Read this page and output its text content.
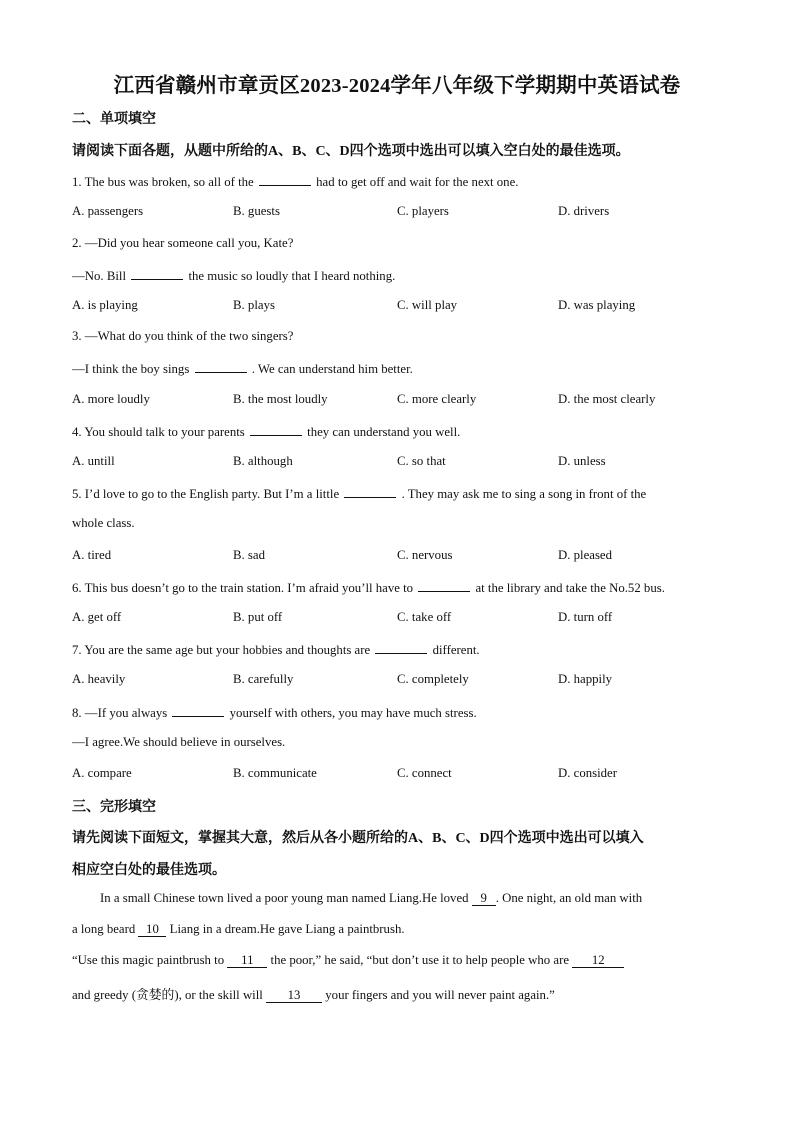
江西省赣州市章贡区2023-2024学年八年级下学期期中英语试卷
二、单项填空
请阅读下面各题，从题中所给的A、B、C、D四个选项中选出可以填入空白处的最佳选项。
1. The bus was broken, so all of the	had to get off and wait for the next one.
A. passengers	B. guests	C. players	D. drivers
2. —Did you hear someone call you, Kate?
—No. Bill	the music so loudly that I heard nothing.
A. is playing	B. plays	C. will play	D. was playing
3. —What do you think of the two singers?
—I think the boy sings	. We can understand him better.
A. more loudly	B. the most loudly	C. more clearly	D. the most clearly
4. You should talk to your parents	they can understand you well.
A. untill	B. although	C. so that	D. unless
5. I’d love to go to the English party. But I’m a little	. They may ask me to sing a song in front of the
whole class.
A. tired	B. sad	C. nervous	D. pleased
6. This bus doesn’t go to the train station. I’m afraid you’ll have to	at the library and take the No.52 bus.
A. get off	B. put off	C. take off	D. turn off
7. You are the same age but your hobbies and thoughts are	different.
A. heavily	B. carefully	C. completely	D. happily
8. —If you always	yourself with others, you may have much stress.
—I agree.We should believe in ourselves.
A. compare	B. communicate	C. connect	D. consider
三、完形填空
请先阅读下面短文，掌握其大意，然后从各小题所给的A、B、C、D四个选项中选出可以填入
相应空白处的最佳选项。
In a small Chinese town lived a poor young man named Liang.He loved 9 . One night, an old man with
a long beard 10 Liang in a dream.He gave Liang a paintbrush.
“Use this magic paintbrush to 11 the poor,” he said, “but don’t use it to help people who are 12
and greedy (贪婪的), or the skill will 13 your fingers and you will never paint again.”
